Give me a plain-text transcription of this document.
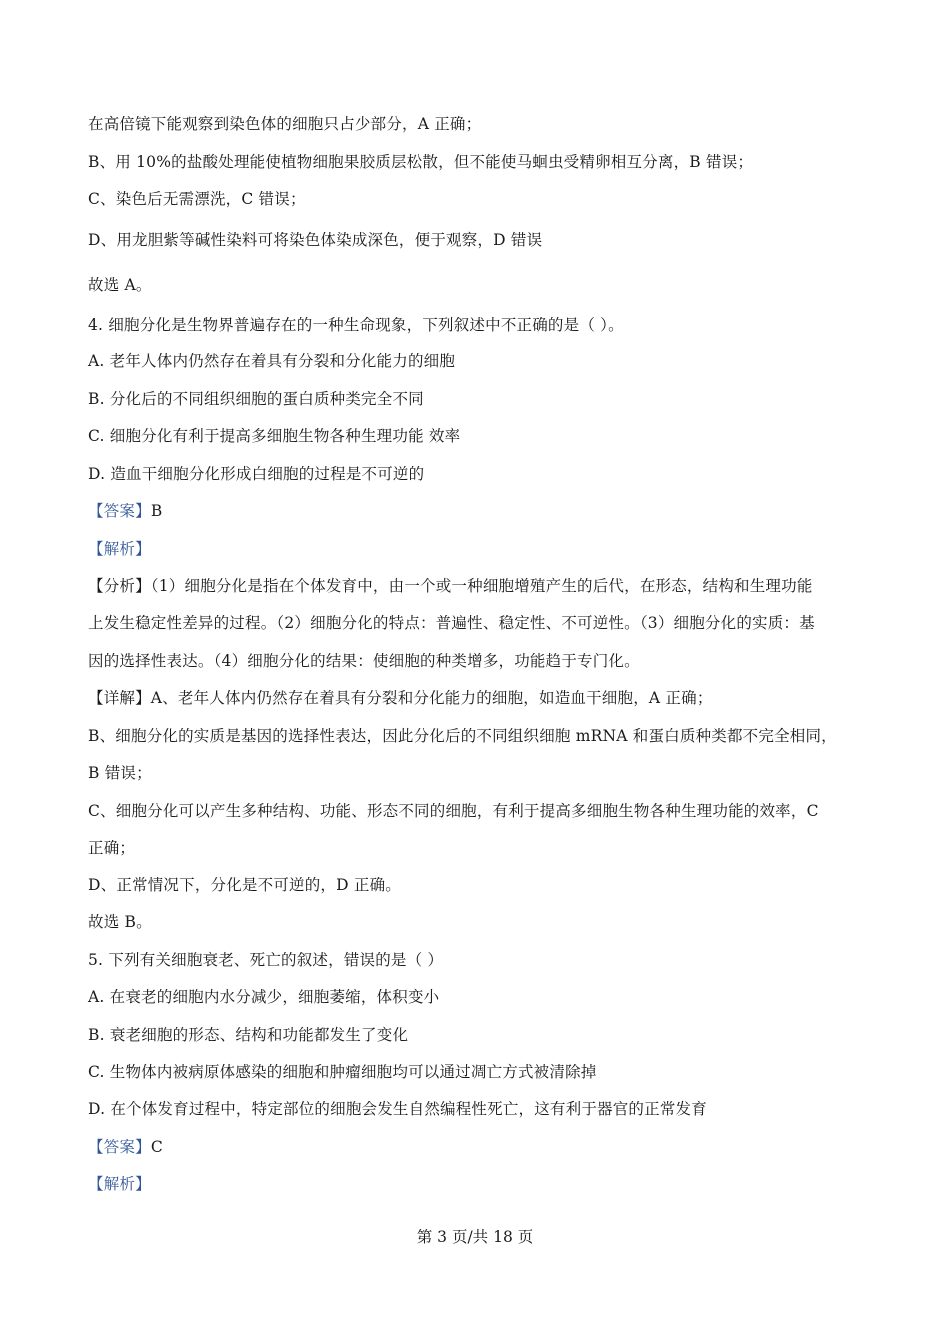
在高倍镜下能观察到染色体的细胞只占少部分，A 正确；
B、用 10%的盐酸处理能使植物细胞果胶质层松散，但不能使马蛔虫受精卵相互分离，B 错误；
C、染色后无需漂洗，C 错误；
D、用龙胆紫等碱性染料可将染色体染成深色，便于观察，D 错误
故选 A。
4. 细胞分化是生物界普遍存在的一种生命现象，下列叙述中不正确的是（ ）。
A. 老年人体内仍然存在着具有分裂和分化能力的细胞
B. 分化后的不同组织细胞的蛋白质种类完全不同
C. 细胞分化有利于提高多细胞生物各种生理功能 效率
D. 造血干细胞分化形成白细胞的过程是不可逆的
【答案】B
【解析】
【分析】（1）细胞分化是指在个体发育中，由一个或一种细胞增殖产生的后代，在形态，结构和生理功能
上发生稳定性差异的过程。（2）细胞分化的特点：普遍性、稳定性、不可逆性。（3）细胞分化的实质：基
因的选择性表达。（4）细胞分化的结果：使细胞的种类增多，功能趋于专门化。
【详解】A、老年人体内仍然存在着具有分裂和分化能力的细胞，如造血干细胞，A 正确；
B、细胞分化的实质是基因的选择性表达，因此分化后的不同组织细胞 mRNA 和蛋白质种类都不完全相同，
B 错误；
C、细胞分化可以产生多种结构、功能、形态不同的细胞，有利于提高多细胞生物各种生理功能的效率，C
正确；
D、正常情况下，分化是不可逆的，D 正确。
故选 B。
5. 下列有关细胞衰老、死亡的叙述，错误的是（ ）
A. 在衰老的细胞内水分减少，细胞萎缩，体积变小
B. 衰老细胞的形态、结构和功能都发生了变化
C. 生物体内被病原体感染的细胞和肿瘤细胞均可以通过凋亡方式被清除掉
D. 在个体发育过程中，特定部位的细胞会发生自然编程性死亡，这有利于器官的正常发育
【答案】C
【解析】
第 3 页/共 18 页
